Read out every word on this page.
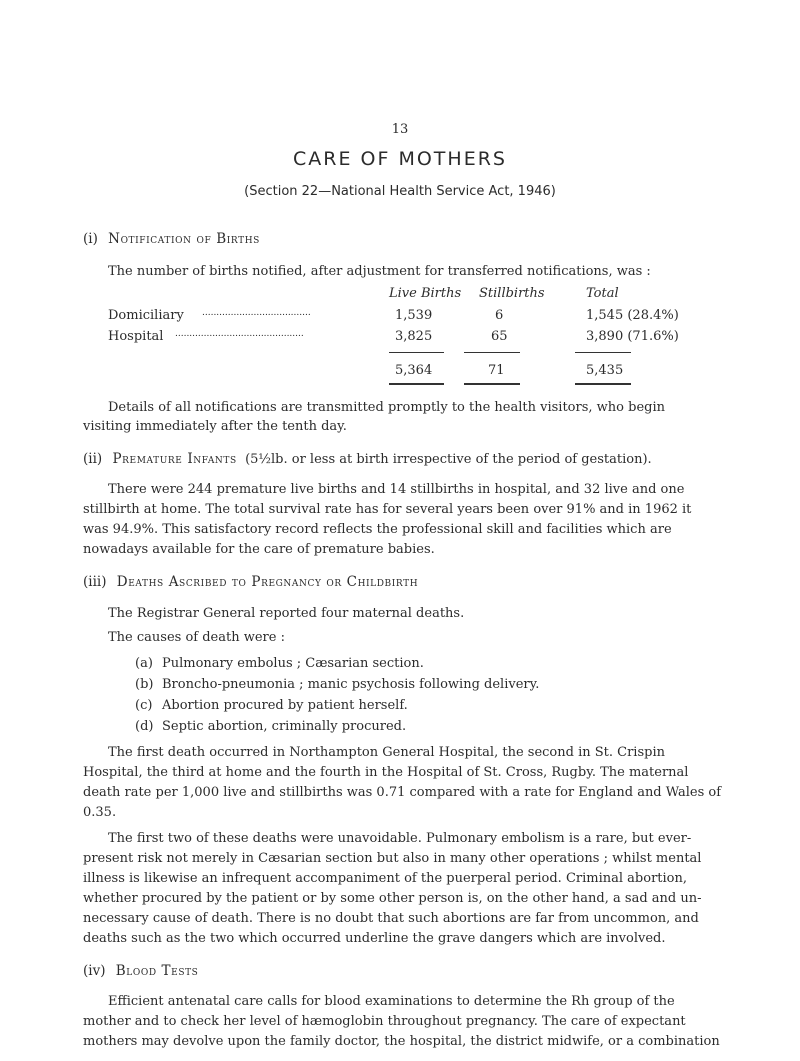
13
CARE OF MOTHERS
(Section 22—National Health Service Act, 1946)
(i) Notification of Births
The number of births notified, after adjustment for transferred notifications, was :
Live Births Stillbirths	Total
Domiciliary ......................................	1,539	6	1,545 (28.4%)
Hospital .............................................	3,825	65	3,890 (71.6%)
5,364	71	5,435
Details of all notifications are transmitted promptly to the health visitors, who begin
visiting immediately after the tenth day.
(ii) Premature Infants (5½lb. or less at birth irrespective of the period of gestation).
There were 244 premature live births and 14 stillbirths in hospital, and 32 live and one
stillbirth at home. The total survival rate has for several years been over 91% and in 1962 it
was 94.9%. This satisfactory record reflects the professional skill and facilities which are
nowadays available for the care of premature babies.
(iii) Deaths Ascribed to Pregnancy or Childbirth
The Registrar General reported four maternal deaths.
The causes of death were :
(a) Pulmonary embolus ; Cæsarian section.
(b) Broncho-pneumonia ; manic psychosis following delivery.
(c) Abortion procured by patient herself.
(d) Septic abortion, criminally procured.
The first death occurred in Northampton General Hospital, the second in St. Crispin
Hospital, the third at home and the fourth in the Hospital of St. Cross, Rugby. The maternal
death rate per 1,000 live and stillbirths was 0.71 compared with a rate for England and Wales of
0.35.
The first two of these deaths were unavoidable. Pulmonary embolism is a rare, but ever-
present risk not merely in Cæsarian section but also in many other operations ; whilst mental
illness is likewise an infrequent accompaniment of the puerperal period. Criminal abortion,
whether procured by the patient or by some other person is, on the other hand, a sad and un-
necessary cause of death. There is no doubt that such abortions are far from uncommon, and
deaths such as the two which occurred underline the grave dangers which are involved.
(iv) Blood Tests
Efficient antenatal care calls for blood examinations to determine the Rh group of the
mother and to check her level of hæmoglobin throughout pregnancy. The care of expectant
mothers may devolve upon the family doctor, the hospital, the district midwife, or a combination
